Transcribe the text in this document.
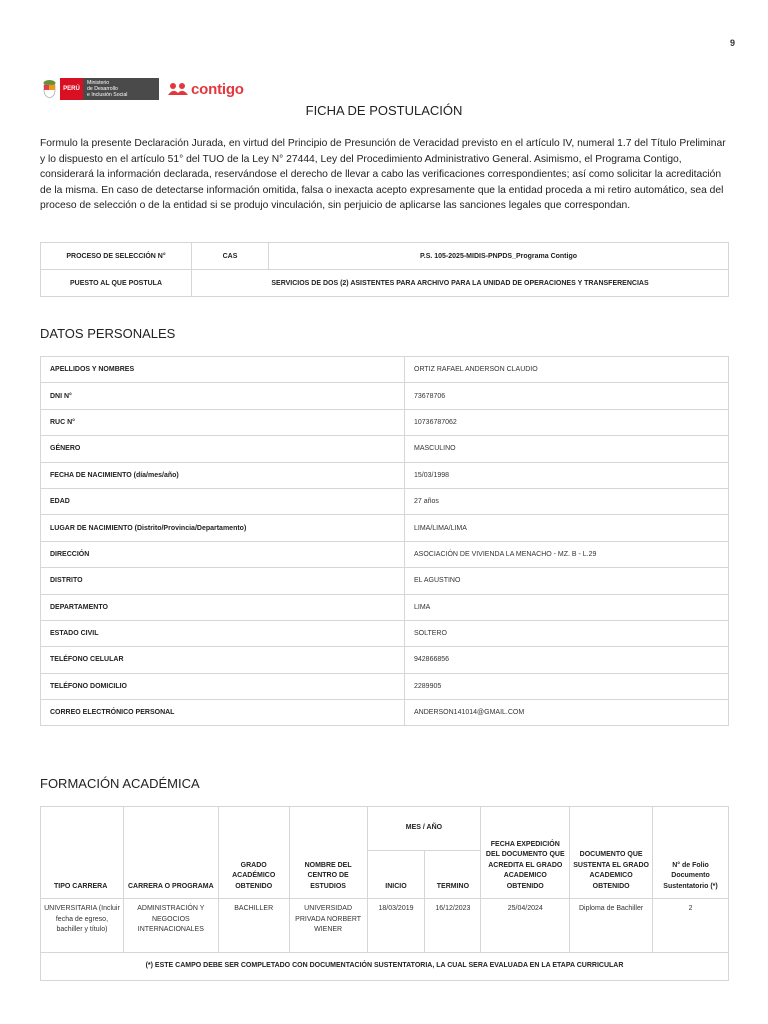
9
PERÚ
Ministerio
de Desarrollo
e Inclusión Social	contigo
FICHA DE POSTULACIÓN

Formulo la presente Declaración Jurada, en virtud del Principio de Presunción de Veracidad previsto en el artículo IV, numeral 1.7 del Título Preliminar y lo dispuesto en el artículo 51° del TUO de la Ley N° 27444, Ley del Procedimiento Administrativo General. Asimismo, el Programa Contigo, considerará la información declarada, reservándose el derecho de llevar a cabo las verificaciones correspondientes; así como solicitar la acreditación de la misma. En caso de detectarse información omitida, falsa o inexacta acepto expresamente que la entidad proceda a mi retiro automático, sea del proceso de selección o de la entidad si se produjo vinculación, sin perjuicio de aplicarse las sanciones legales que correspondan.

PROCESO DE SELECCIÓN N°	CAS	P.S. 105-2025-MIDIS-PNPDS_Programa Contigo
PUESTO AL QUE POSTULA	SERVICIOS DE DOS (2) ASISTENTES PARA ARCHIVO PARA LA UNIDAD DE OPERACIONES Y TRANSFERENCIAS	
DATOS PERSONALES
APELLIDOS Y NOMBRES	ORTIZ RAFAEL ANDERSON CLAUDIO
DNI N°	73678706
RUC N°	10736787062
GÉNERO	MASCULINO
FECHA DE NACIMIENTO (día/mes/año)	15/03/1998
EDAD	27 años
LUGAR DE NACIMIENTO (Distrito/Provincia/Departamento)	LIMA/LIMA/LIMA
DIRECCIÓN	ASOCIACIÓN DE VIVIENDA LA MENACHO - MZ. B - L.29
DISTRITO	EL AGUSTINO
DEPARTAMENTO	LIMA
ESTADO CIVIL	SOLTERO
TELÉFONO CELULAR	942866856
TELÉFONO DOMICILIO	2289905
CORREO ELECTRÓNICO PERSONAL	ANDERSON141014@GMAIL.COM
FORMACIÓN ACADÉMICA
TIPO CARRERA	CARRERA O PROGRAMA	GRADO ACADÉMICO OBTENIDO	NOMBRE DEL CENTRO DE ESTUDIOS	MES / AÑO		FECHA EXPEDICIÓN DEL DOCUMENTO QUE ACREDITA EL GRADO ACADEMICO OBTENIDO	DOCUMENTO QUE SUSTENTA EL GRADO ACADEMICO OBTENIDO	N° de Folio Documento Sustentatorio (*)
				INICIO	TERMINO			
UNIVERSITARIA (Incluir fecha de egreso, bachiller y título)	ADMINISTRACIÓN Y NEGOCIOS INTERNACIONALES	BACHILLER	UNIVERSIDAD PRIVADA NORBERT WIENER	18/03/2019	16/12/2023	25/04/2024	Diploma de Bachiller	2
(*) ESTE CAMPO DEBE SER COMPLETADO CON DOCUMENTACIÓN SUSTENTATORIA, LA CUAL SERA EVALUADA EN LA ETAPA CURRICULAR								
